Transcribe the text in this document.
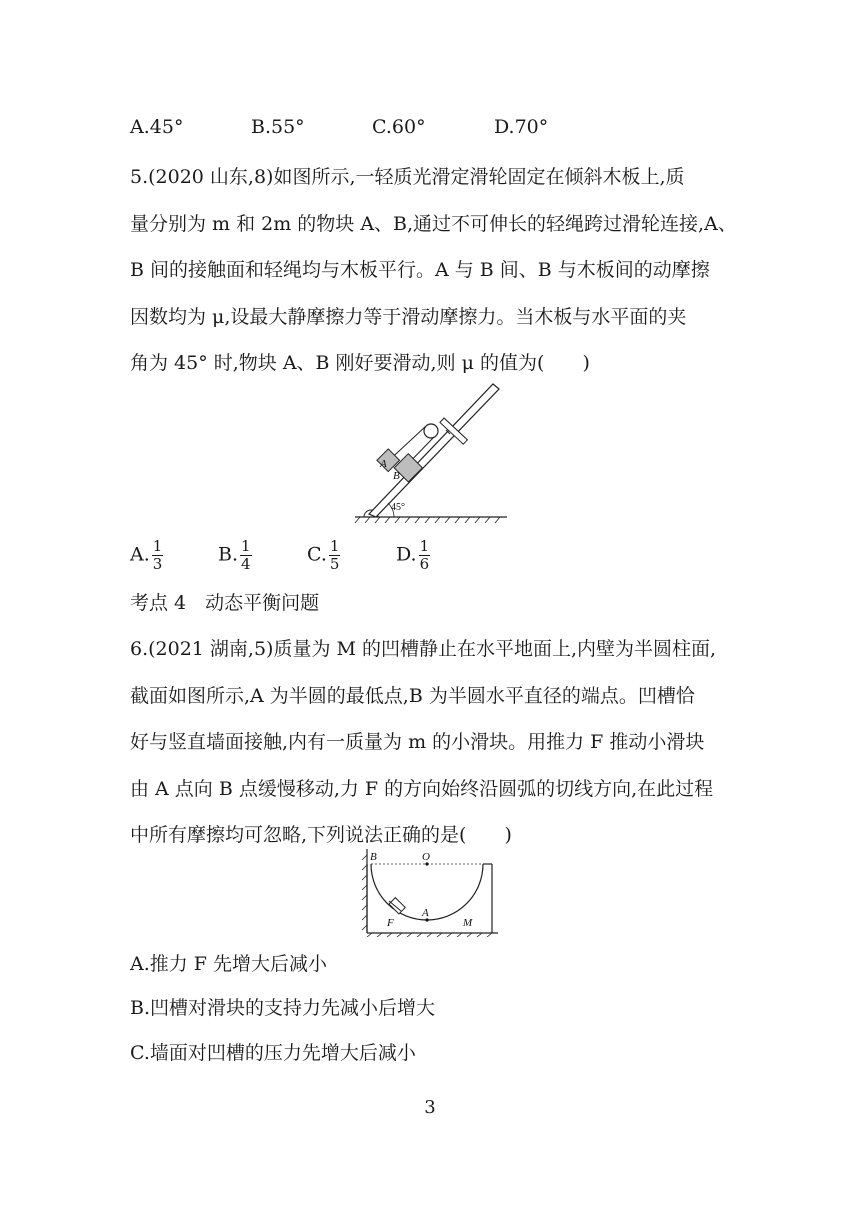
A.45°	B.55°	C.60°	D.70°
5.(2020 山东,8)如图所示,一轻质光滑定滑轮固定在倾斜木板上,质
量分别为 m 和 2m 的物块 A、B,通过不可伸长的轻绳跨过滑轮连接,A、
B 间的接触面和轻绳均与木板平行。A 与 B 间、B 与木板间的动摩擦
因数均为 μ,设最大静摩擦力等于滑动摩擦力。当木板与水平面的夹
角为 45° 时,物块 A、B 刚好要滑动,则 μ 的值为(　　)
A
B
45°
A. $\frac{1}{3}$	B. $\frac{1}{4}$	C. $\frac{1}{5}$	D. $\frac{1}{6}$
考点 4　动态平衡问题
6.(2021 湖南,5)质量为 M 的凹槽静止在水平地面上,内壁为半圆柱面,
截面如图所示,A 为半圆的最低点,B 为半圆水平直径的端点。凹槽恰
好与竖直墙面接触,内有一质量为 m 的小滑块。用推力 F 推动小滑块
由 A 点向 B 点缓慢移动,力 F 的方向始终沿圆弧的切线方向,在此过程
中所有摩擦均可忽略,下列说法正确的是(　　)
B	O
A
F	M
A.推力 F 先增大后减小
B.凹槽对滑块的支持力先减小后增大
C.墙面对凹槽的压力先增大后减小
3
